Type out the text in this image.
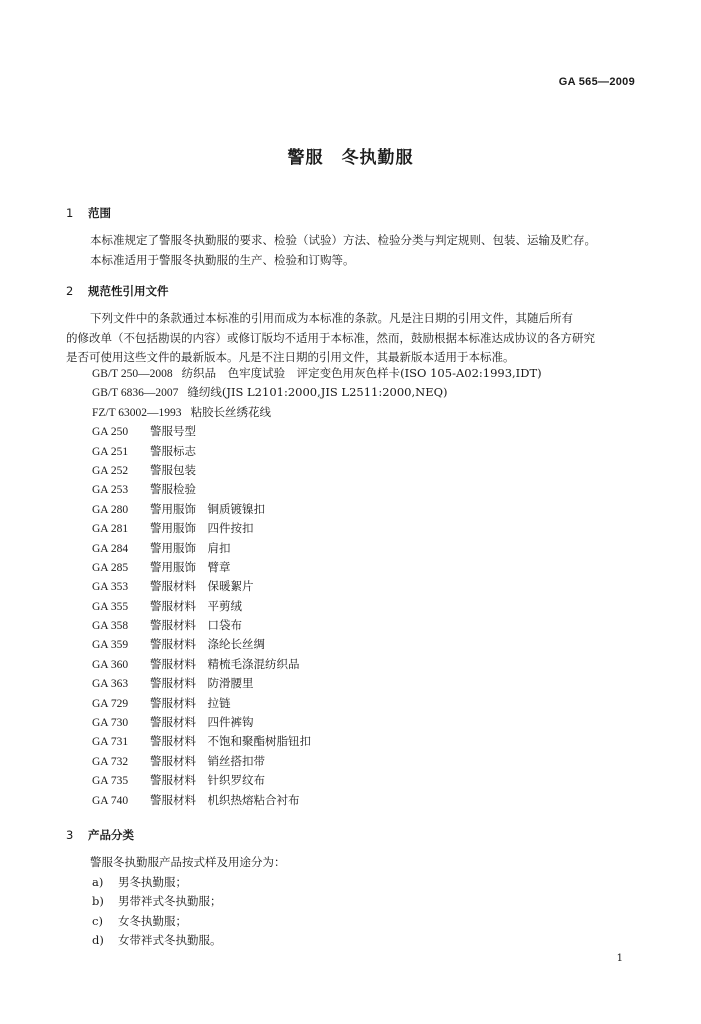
GA 565—2009
警服　冬执勤服
1 范围

本标准规定了警服冬执勤服的要求、检验（试验）方法、检验分类与判定规则、包装、运输及贮存。

本标准适用于警服冬执勤服的生产、检验和订购等。

2 规范性引用文件

下列文件中的条款通过本标准的引用而成为本标准的条款。凡是注日期的引用文件，其随后所有

的修改单（不包括勘误的内容）或修订版均不适用于本标准，然而，鼓励根据本标准达成协议的各方研究

是否可使用这些文件的最新版本。凡是不注日期的引用文件，其最新版本适用于本标准。

GB/T 250—2008 纺织品　色牢度试验　评定变色用灰色样卡(ISO 105-A02:1993,IDT)
GB/T 6836—2007 缝纫线(JIS L2101:2000,JIS L2511:2000,NEQ)
FZ/T 63002—1993 粘胶长丝绣花线
GA 250 警服号型
GA 251 警服标志
GA 252 警服包装
GA 253 警服检验
GA 280 警用服饰　铜质镀镍扣
GA 281 警用服饰　四件按扣
GA 284 警用服饰　肩扣
GA 285 警用服饰　臂章
GA 353 警服材料　保暖絮片
GA 355 警服材料　平剪绒
GA 358 警服材料　口袋布
GA 359 警服材料　涤纶长丝绸
GA 360 警服材料　精梳毛涤混纺织品
GA 363 警服材料　防滑腰里
GA 729 警服材料　拉链
GA 730 警服材料　四件裤钩
GA 731 警服材料　不饱和聚酯树脂钮扣
GA 732 警服材料　销丝搭扣带
GA 735 警服材料　针织罗纹布
GA 740 警服材料　机织热熔粘合衬布
3 产品分类

警服冬执勤服产品按式样及用途分为：

a) 男冬执勤服；
b) 男带袢式冬执勤服；
c) 女冬执勤服；
d) 女带袢式冬执勤服。
1
